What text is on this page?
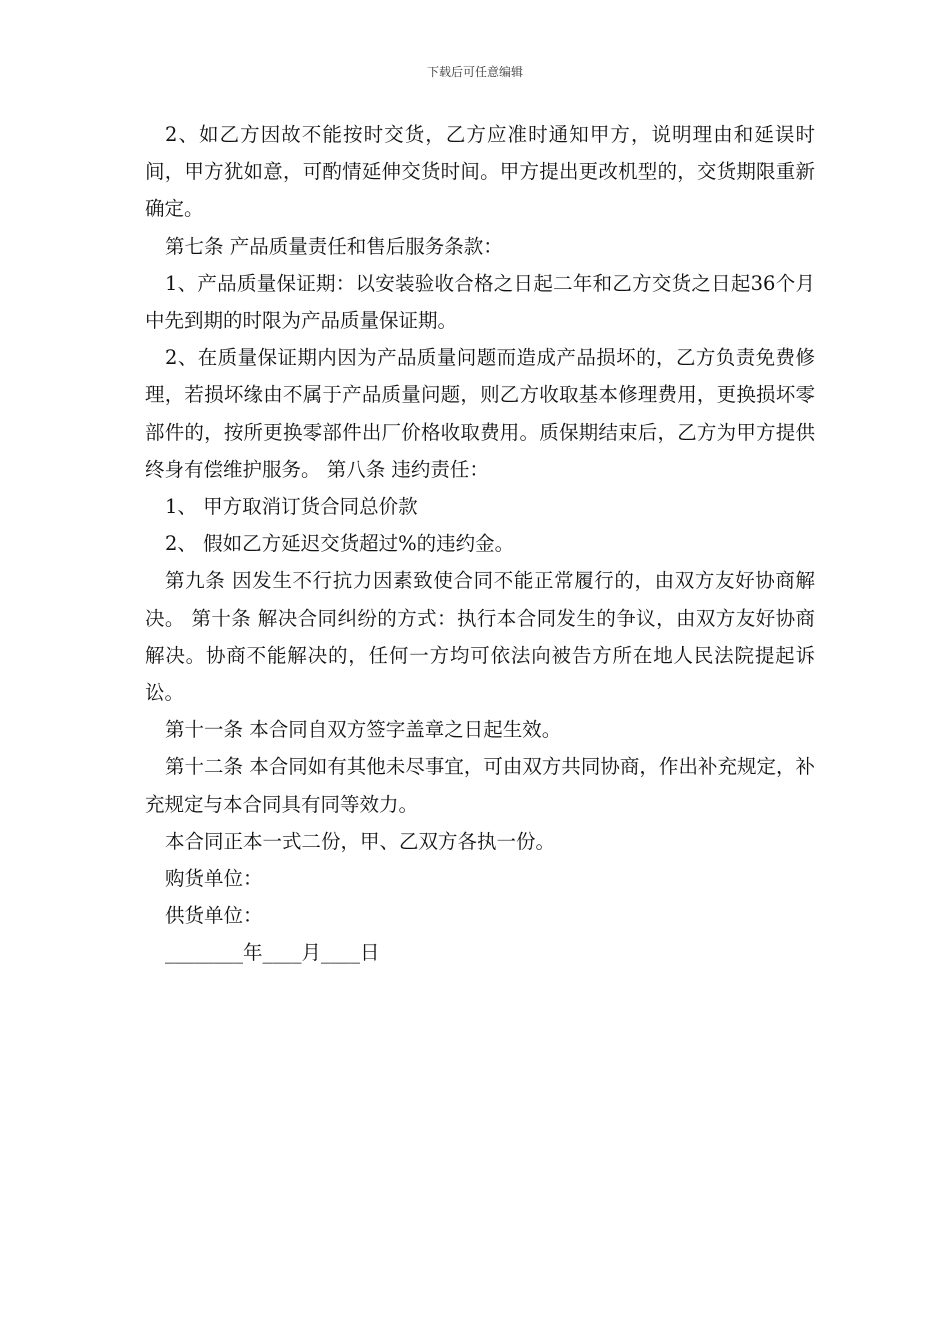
下载后可任意编辑

2、如乙方因故不能按时交货，乙方应准时通知甲方，说明理由和延误时间，甲方犹如意，可酌情延伸交货时间。甲方提出更改机型的，交货期限重新确定。

第七条 产品质量责任和售后服务条款：

1、产品质量保证期：以安装验收合格之日起二年和乙方交货之日起36个月中先到期的时限为产品质量保证期。

2、在质量保证期内因为产品质量问题而造成产品损坏的，乙方负责免费修理，若损坏缘由不属于产品质量问题，则乙方收取基本修理费用，更换损坏零部件的，按所更换零部件出厂价格收取费用。质保期结束后，乙方为甲方提供终身有偿维护服务。 第八条 违约责任：

1、 甲方取消订货合同总价款

2、 假如乙方延迟交货超过%的违约金。

第九条 因发生不行抗力因素致使合同不能正常履行的，由双方友好协商解决。 第十条 解决合同纠纷的方式：执行本合同发生的争议，由双方友好协商解决。协商不能解决的，任何一方均可依法向被告方所在地人民法院提起诉讼。

第十一条 本合同自双方签字盖章之日起生效。

第十二条 本合同如有其他未尽事宜，可由双方共同协商，作出补充规定，补充规定与本合同具有同等效力。

本合同正本一式二份，甲、乙双方各执一份。

购货单位：

供货单位：

________年____月____日
